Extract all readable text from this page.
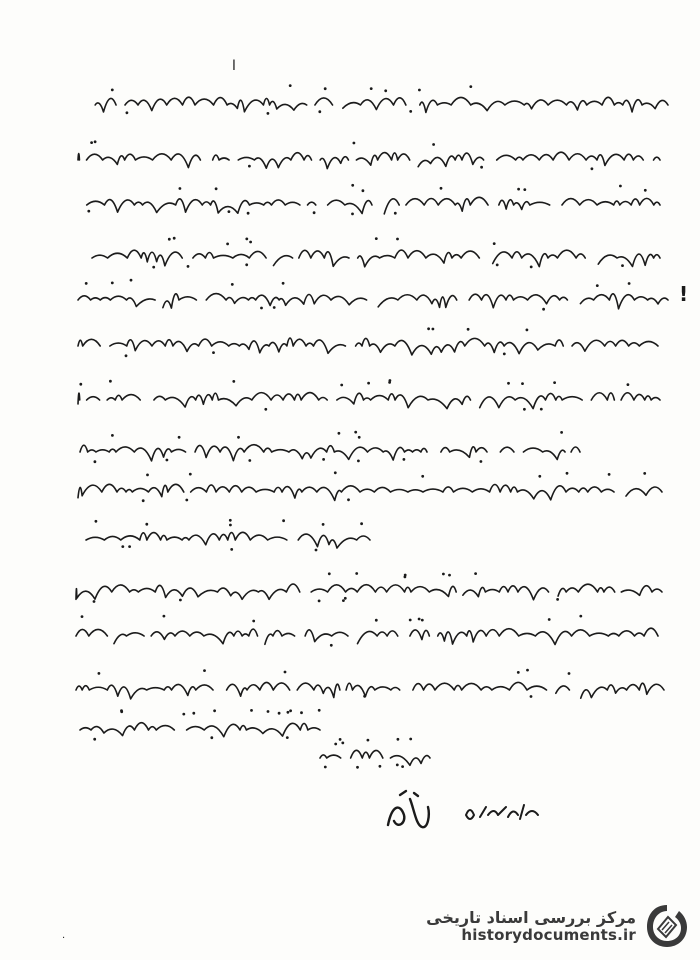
ا
!
مرکز بررسی اسناد تاریخی
historydocuments.ir
.
